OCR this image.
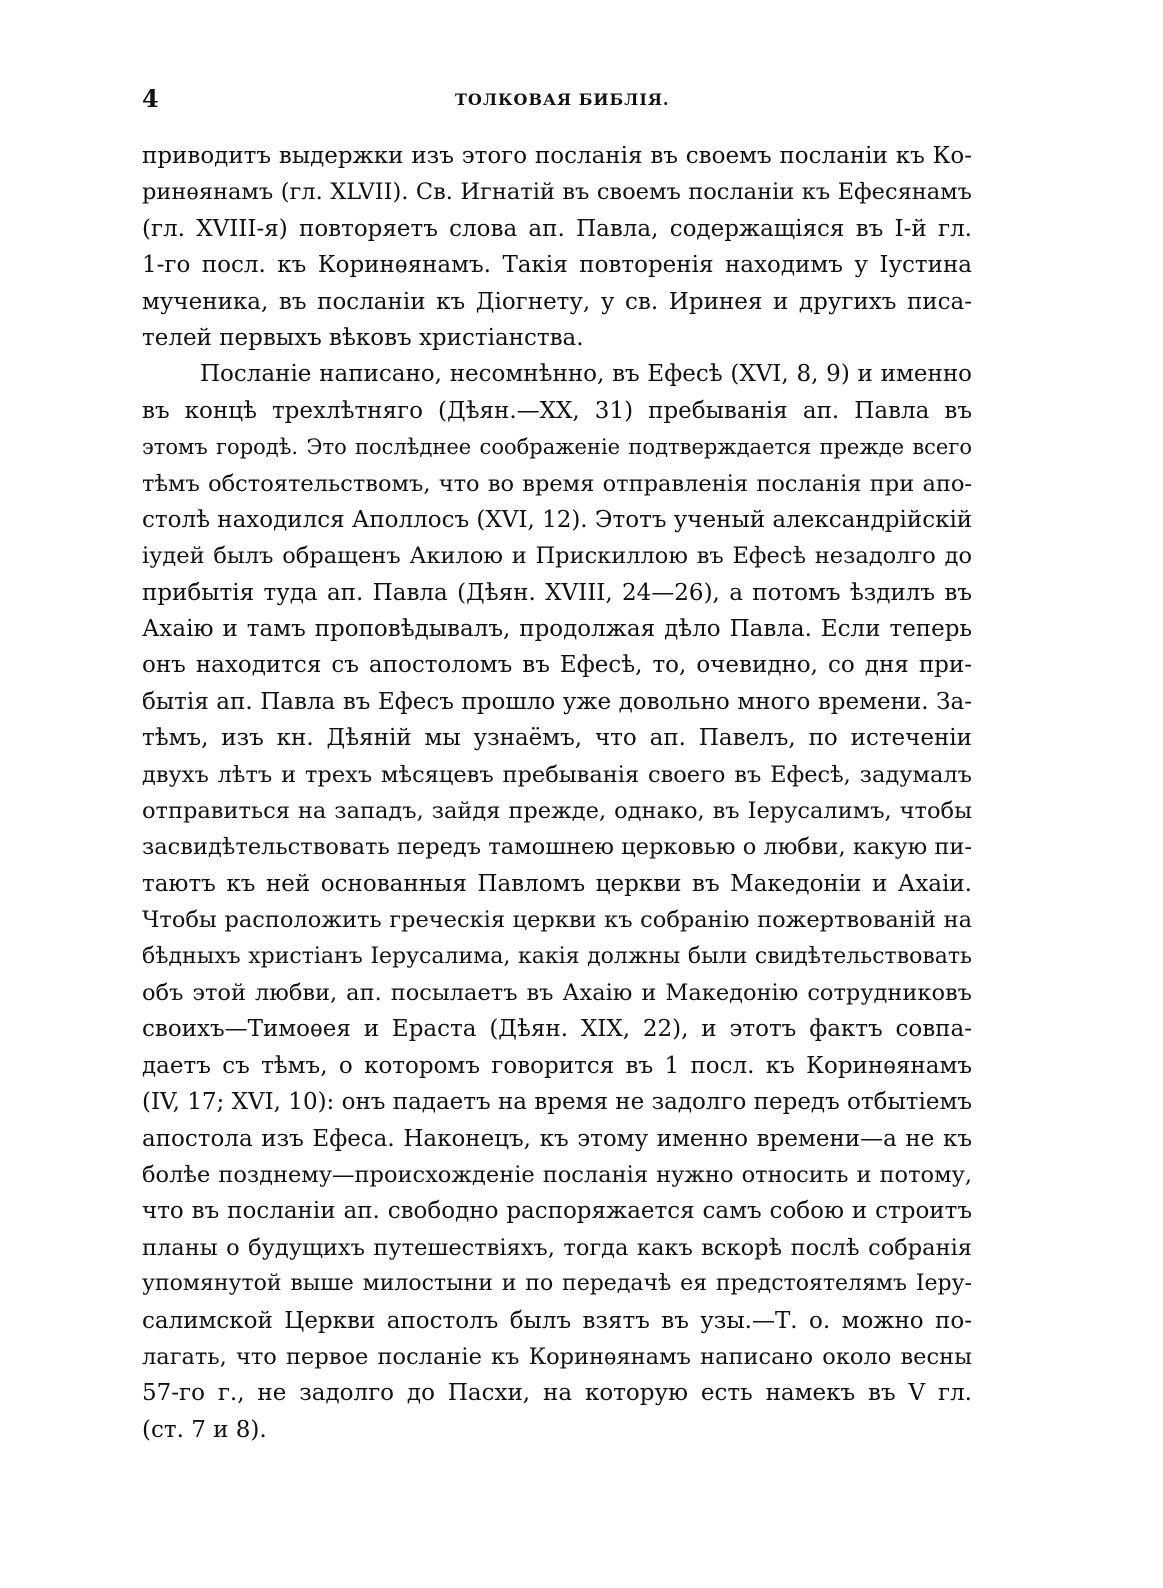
4	ТОЛКОВАЯ БИБЛІЯ.
приводитъ выдержки изъ этого посланія въ своемъ посланіи къ Ко-
ринѳянамъ (гл. XLVII). Св. Игнатій въ своемъ посланіи къ Ефесянамъ
(гл. XVIII-я) повторяетъ слова ап. Павла, содержащіяся въ І-й гл.
1-го посл. къ Коринѳянамъ. Такія повторенія находимъ у Іустина
мученика, въ посланіи къ Діогнету, у св. Иринея и другихъ писа-
телей первыхъ вѣковъ христіанства.
Посланіе написано, несомнѣнно, въ Ефесѣ (XVI, 8, 9) и именно
въ концѣ трехлѣтняго (Дѣян.—XX, 31) пребыванія ап. Павла въ
этомъ городѣ. Это послѣднее соображеніе подтверждается прежде всего
тѣмъ обстоятельствомъ, что во время отправленія посланія при апо-
столѣ находился Аполлосъ (XVI, 12). Этотъ ученый александрійскій
іудей былъ обращенъ Акилою и Прискиллою въ Ефесѣ незадолго до
прибытія туда ап. Павла (Дѣян. XVIII, 24—26), а потомъ ѣздилъ въ
Ахаію и тамъ проповѣдывалъ, продолжая дѣло Павла. Если теперь
онъ находится съ апостоломъ въ Ефесѣ, то, очевидно, со дня при-
бытія ап. Павла въ Ефесъ прошло уже довольно много времени. За-
тѣмъ, изъ кн. Дѣяній мы узнаёмъ, что ап. Павелъ, по истеченіи
двухъ лѣтъ и трехъ мѣсяцевъ пребыванія своего въ Ефесѣ, задумалъ
отправиться на западъ, зайдя прежде, однако, въ Іерусалимъ, чтобы
засвидѣтельствовать передъ тамошнею церковью о любви, какую пи-
таютъ къ ней основанныя Павломъ церкви въ Македоніи и Ахаіи.
Чтобы расположить греческія церкви къ собранію пожертвованій на
бѣдныхъ христіанъ Іерусалима, какія должны были свидѣтельствовать
объ этой любви, ап. посылаетъ въ Ахаію и Македонію сотрудниковъ
своихъ—Тимоѳея и Ераста (Дѣян. XIX, 22), и этотъ фактъ совпа-
даетъ съ тѣмъ, о которомъ говорится въ 1 посл. къ Коринѳянамъ
(IV, 17; XVI, 10): онъ падаетъ на время не задолго передъ отбытіемъ
апостола изъ Ефеса. Наконецъ, къ этому именно времени—а не къ
болѣе позднему—происхожденіе посланія нужно относить и потому,
что въ посланіи ап. свободно распоряжается самъ собою и строитъ
планы о будущихъ путешествіяхъ, тогда какъ вскорѣ послѣ собранія
упомянутой выше милостыни и по передачѣ ея предстоятелямъ Іеру-
салимской Церкви апостолъ былъ взятъ въ узы.—Т. о. можно по-
лагать, что первое посланіе къ Коринѳянамъ написано около весны
57-го г., не задолго до Пасхи, на которую есть намекъ въ V гл.
(ст. 7 и 8).
